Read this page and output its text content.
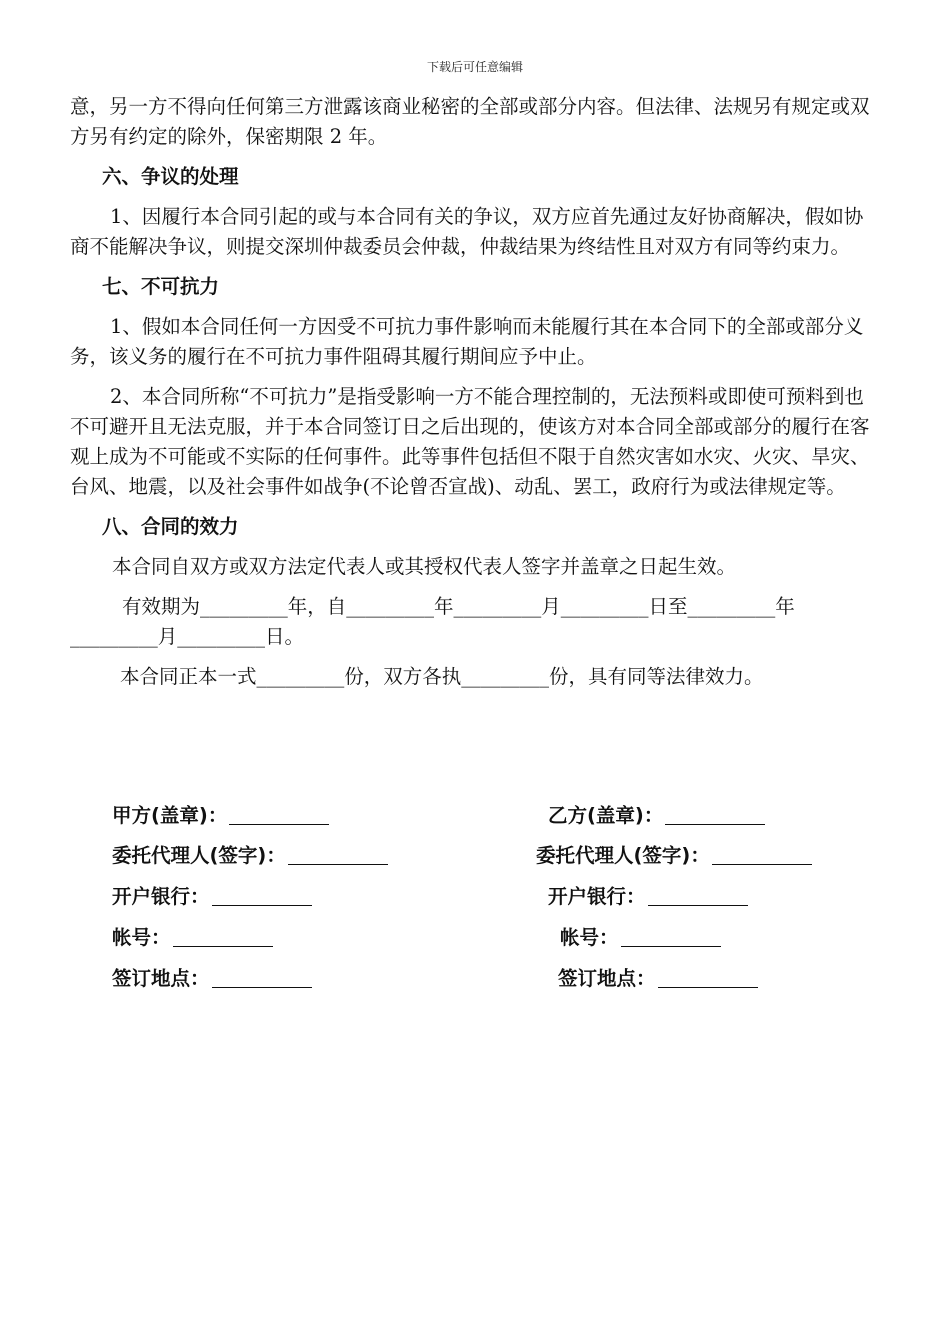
下载后可任意编辑

意，另一方不得向任何第三方泄露该商业秘密的全部或部分内容。但法律、法规另有规定或双方另有约定的除外，保密期限 2 年。

六、争议的处理

1、因履行本合同引起的或与本合同有关的争议，双方应首先通过友好协商解决，假如协商不能解决争议，则提交深圳仲裁委员会仲裁，仲裁结果为终结性且对双方有同等约束力。

七、不可抗力

1、假如本合同任何一方因受不可抗力事件影响而未能履行其在本合同下的全部或部分义务，该义务的履行在不可抗力事件阻碍其履行期间应予中止。

2、本合同所称“不可抗力”是指受影响一方不能合理控制的，无法预料或即使可预料到也不可避开且无法克服，并于本合同签订日之后出现的，使该方对本合同全部或部分的履行在客观上成为不可能或不实际的任何事件。此等事件包括但不限于自然灾害如水灾、火灾、旱灾、台风、地震，以及社会事件如战争(不论曾否宣战)、动乱、罢工，政府行为或法律规定等。

八、合同的效力

本合同自双方或双方法定代表人或其授权代表人签字并盖章之日起生效。

有效期为_________年，自_________年_________月_________日至_________年_________月_________日。

本合同正本一式_________份，双方各执_________份，具有同等法律效力。

甲方(盖章)：	乙方(盖章)：
委托代理人(签字)：	委托代理人(签字)：
开户银行：	开户银行：
帐号：	帐号：
签订地点：	签订地点：
